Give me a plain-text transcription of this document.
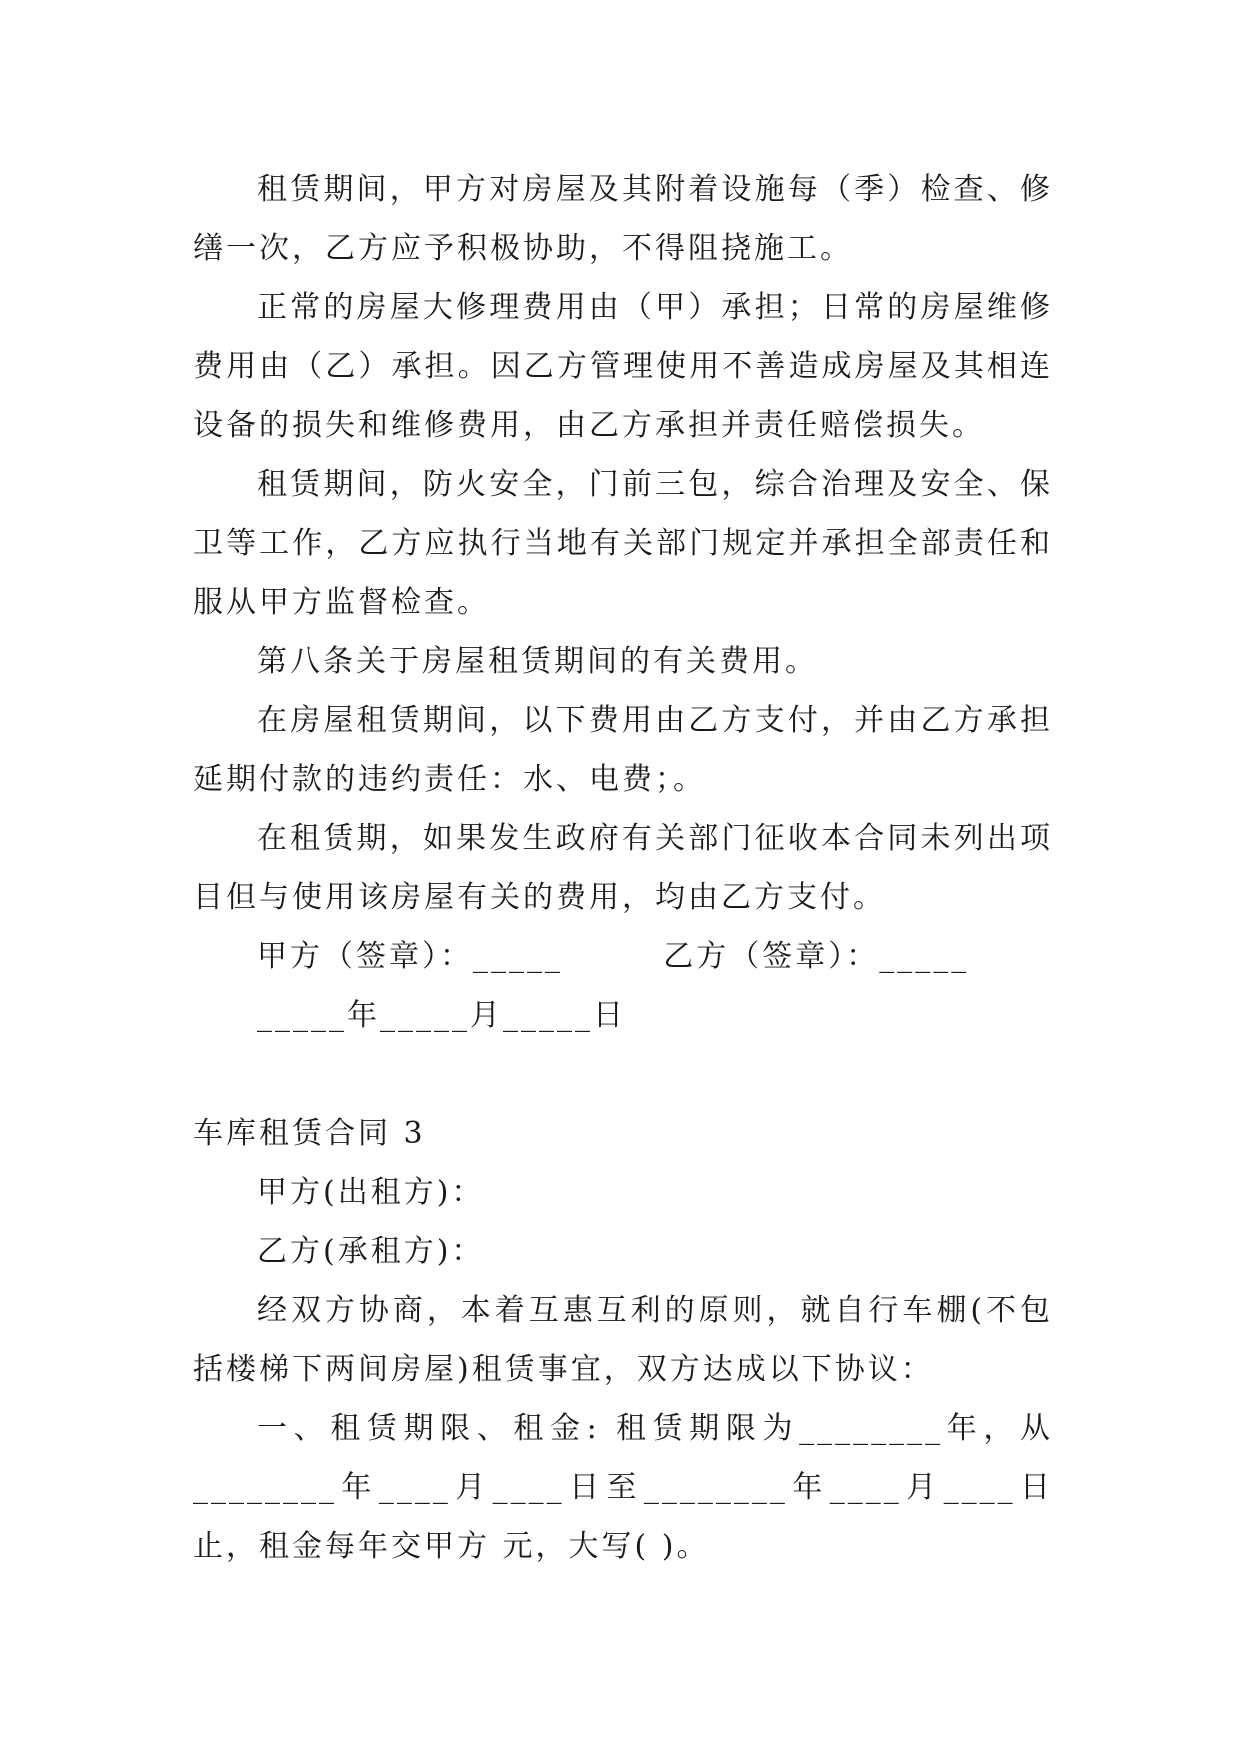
租赁期间，甲方对房屋及其附着设施每（季）检查、修缮一次，乙方应予积极协助，不得阻挠施工。

正常的房屋大修理费用由（甲）承担；日常的房屋维修费用由（乙）承担。因乙方管理使用不善造成房屋及其相连设备的损失和维修费用，由乙方承担并责任赔偿损失。

租赁期间，防火安全，门前三包，综合治理及安全、保卫等工作，乙方应执行当地有关部门规定并承担全部责任和服从甲方监督检查。

第八条关于房屋租赁期间的有关费用。

在房屋租赁期间，以下费用由乙方支付，并由乙方承担延期付款的违约责任：水、电费；。

在租赁期，如果发生政府有关部门征收本合同未列出项目但与使用该房屋有关的费用，均由乙方支付。

甲方（签章）：_____        乙方（签章）：_____

_____年_____月_____日

车库租赁合同 3

甲方(出租方)：

乙方(承租方)：

经双方协商，本着互惠互利的原则，就自行车棚(不包括楼梯下两间房屋)租赁事宜，双方达成以下协议：

一、租赁期限、租金: 租赁期限为________年，从________年____月____日至________年____月____日止，租金每年交甲方 元，大写( )。
